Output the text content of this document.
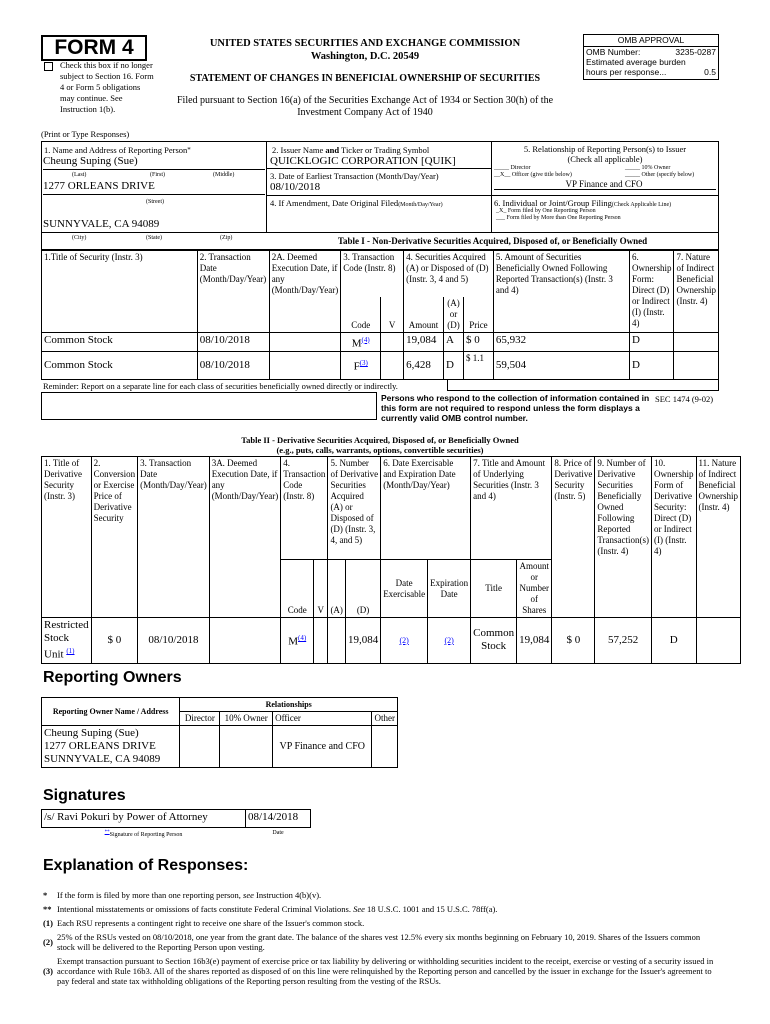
FORM 4
Check this box if no longer subject to Section 16. Form 4 or Form 5 obligations may continue. See Instruction 1(b).
UNITED STATES SECURITIES AND EXCHANGE COMMISSION
Washington, D.C. 20549
STATEMENT OF CHANGES IN BENEFICIAL OWNERSHIP OF SECURITIES
Filed pursuant to Section 16(a) of the Securities Exchange Act of 1934 or Section 30(h) of the
Investment Company Act of 1940
OMB APPROVAL
OMB Number:	3235-0287
Estimated average burden
hours per response...	0.5
(Print or Type Responses)
1. Name and Address of Reporting Person*
Cheung Suping (Sue)
(Last)	(First)	(Middle)
1277 ORLEANS DRIVE
(Street)
SUNNYVALE, CA 94089
(City)	(State)	(Zip)
2. Issuer Name and Ticker or Trading Symbol
QUICKLOGIC CORPORATION [QUIK]
3. Date of Earliest Transaction (Month/Day/Year)
08/10/2018
4. If Amendment, Date Original Filed(Month/Day/Year)
5. Relationship of Reporting Person(s) to Issuer
(Check all applicable)
_____ Director	_____ 10% Owner
__X__ Officer (give title below)	_____ Other (specify below)
VP Finance and CFO
6. Individual or Joint/Group Filing(Check Applicable Line)
_X_ Form filed by One Reporting Person
___ Form filed by More than One Reporting Person
Table I - Non-Derivative Securities Acquired, Disposed of, or Beneficially Owned
1.Title of Security (Instr. 3)	2. Transaction Date (Month/Day/Year)	2A. Deemed Execution Date, if any (Month/Day/Year)	3. Transaction Code (Instr. 8)		4. Securities Acquired (A) or Disposed of (D) (Instr. 3, 4 and 5)			5. Amount of Securities Beneficially Owned Following Reported Transaction(s) (Instr. 3 and 4)	6. Ownership Form: Direct (D) or Indirect (I) (Instr. 4)	7. Nature of Indirect Beneficial Ownership (Instr. 4)
			Code	V	Amount	(A) or (D)	Price			
Common Stock	08/10/2018		$M^{(4)}$		19,084	A	$ 0	65,932	D	
Common Stock	08/10/2018		$F^{(3)}$		6,428	D	$ 1.1	59,504	D	
Reminder: Report on a separate line for each class of securities beneficially owned directly or indirectly.
Persons who respond to the collection of information contained in this form are not required to respond unless the form displays a currently valid OMB control number.
SEC 1474 (9-02)
Table II - Derivative Securities Acquired, Disposed of, or Beneficially Owned
(e.g., puts, calls, warrants, options, convertible securities)
1. Title of Derivative Security (Instr. 3)	2. Conversion or Exercise Price of Derivative Security	3. Transaction Date (Month/Day/Year)	3A. Deemed Execution Date, if any (Month/Day/Year)	4. Transaction Code (Instr. 8)		5. Number of Derivative Securities Acquired (A) or Disposed of (D) (Instr. 3, 4, and 5)		6. Date Exercisable and Expiration Date (Month/Day/Year)		7. Title and Amount of Underlying Securities (Instr. 3 and 4)		8. Price of Derivative Security (Instr. 5)	9. Number of Derivative Securities Beneficially Owned Following Reported Transaction(s) (Instr. 4)	10. Ownership Form of Derivative Security: Direct (D) or Indirect (I) (Instr. 4)	11. Nature of Indirect Beneficial Ownership (Instr. 4)
				Code	V	(A)	(D)	Date Exercisable	Expiration Date	Title	Amount or Number of Shares				
Restricted Stock Unit $^{(1)}$	$ 0	08/10/2018		$M^{(4)}$			19,084	(2)	(2)	Common Stock	19,084	$ 0	57,252	D	
Reporting Owners
Reporting Owner Name / Address	Relationships			
	Director	10% Owner	Officer	Other

Cheung Suping (Sue)
1277 ORLEANS DRIVE
SUNNYVALE, CA 94089			VP Finance and CFO	
Signatures
/s/ Ravi Pokuri by Power of Attorney	08/14/2018
**Signature of Reporting Person	Date
Explanation of Responses:
*	If the form is filed by more than one reporting person, see Instruction 4(b)(v).
** Intentional misstatements or omissions of facts constitute Federal Criminal Violations. See 18 U.S.C. 1001 and 15 U.S.C. 78ff(a).
(1) Each RSU represents a contingent right to receive one share of the Issuer's common stock.
(2) 25% of the RSUs vested on 08/10/2018, one year from the grant date. The balance of the shares vest 12.5% every six months beginning on February 10, 2019. Shares of the Issuers common stock will be delivered to the Reporting Person upon vesting.
(3)
Exempt transaction pursuant to Section 16b3(e) payment of exercise price or tax liability by delivering or withholding securities incident to the receipt, exercise or vesting of a security issued in accordance with Rule 16b3. All of the shares reported as disposed of on this line were relinquished by the Reporting person and cancelled by the issuer in exchange for the Issuer's agreement to pay federal and state tax withholding obligations of the Reporting person resulting from the vesting of the RSUs.
